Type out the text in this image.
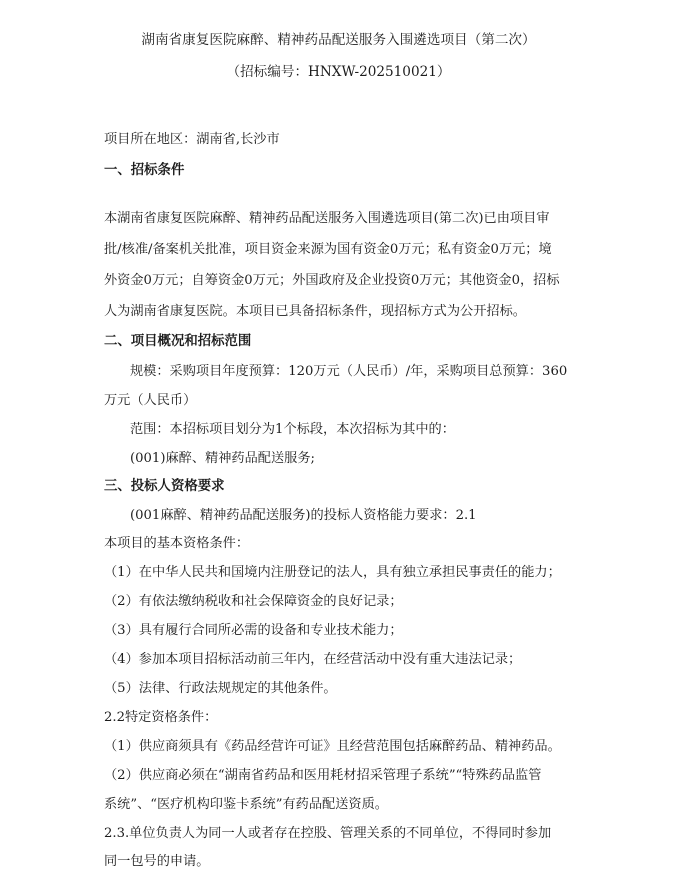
湖南省康复医院麻醉、精神药品配送服务入围遴选项目（第二次）
（招标编号：HNXW-202510021）
项目所在地区：湖南省,长沙市
一、招标条件
本湖南省康复医院麻醉、精神药品配送服务入围遴选项目(第二次)已由项目审
批/核准/备案机关批准，项目资金来源为国有资金0万元；私有资金0万元；境
外资金0万元；自筹资金0万元；外国政府及企业投资0万元；其他资金0，招标
人为湖南省康复医院。本项目已具备招标条件，现招标方式为公开招标。
二、项目概况和招标范围
规模：采购项目年度预算：120万元（人民币）/年，采购项目总预算：360
万元（人民币）
范围：本招标项目划分为1个标段，本次招标为其中的：
(001)麻醉、精神药品配送服务;
三、投标人资格要求
(001麻醉、精神药品配送服务)的投标人资格能力要求：2.1
本项目的基本资格条件：
（1）在中华人民共和国境内注册登记的法人，具有独立承担民事责任的能力；
（2）有依法缴纳税收和社会保障资金的良好记录；
（3）具有履行合同所必需的设备和专业技术能力；
（4）参加本项目招标活动前三年内，在经营活动中没有重大违法记录；
（5）法律、行政法规规定的其他条件。
2.2特定资格条件：
（1）供应商须具有《药品经营许可证》且经营范围包括麻醉药品、精神药品。
（2）供应商必须在“湖南省药品和医用耗材招采管理子系统”“特殊药品监管
系统”、“医疗机构印鉴卡系统”有药品配送资质。
2.3.单位负责人为同一人或者存在控股、管理关系的不同单位，不得同时参加
同一包号的申请。
